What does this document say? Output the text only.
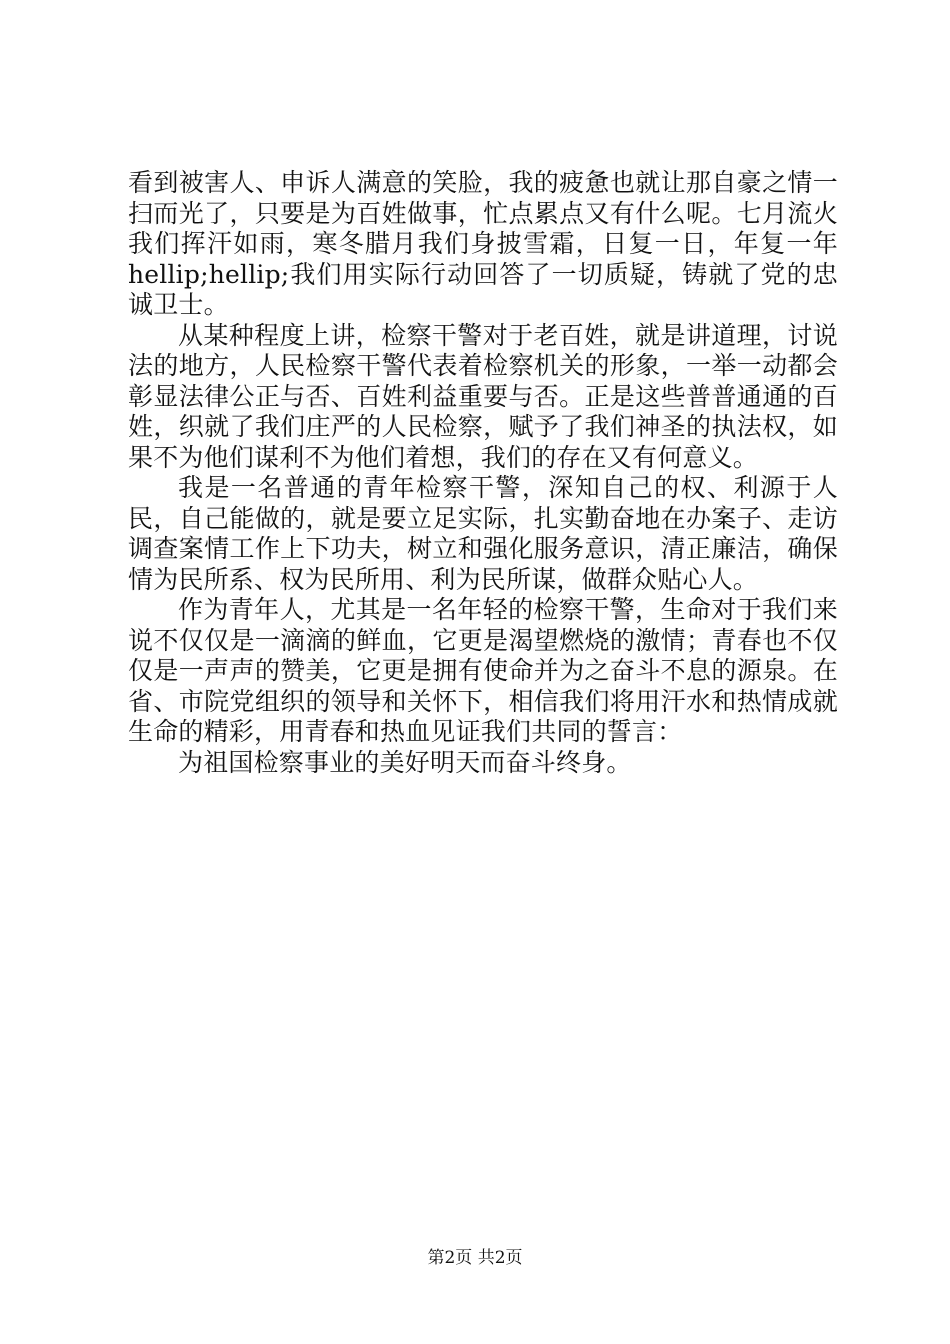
看到被害人、申诉人满意的笑脸，我的疲惫也就让那自豪之情一扫而光了，只要是为百姓做事，忙点累点又有什么呢。七月流火我们挥汗如雨，寒冬腊月我们身披雪霜，日复一日，年复一年hellip;hellip;我们用实际行动回答了一切质疑，铸就了党的忠诚卫士。

从某种程度上讲，检察干警对于老百姓，就是讲道理，讨说法的地方，人民检察干警代表着检察机关的形象，一举一动都会彰显法律公正与否、百姓利益重要与否。正是这些普普通通的百姓，织就了我们庄严的人民检察，赋予了我们神圣的执法权，如果不为他们谋利不为他们着想，我们的存在又有何意义。

我是一名普通的青年检察干警，深知自己的权、利源于人民，自己能做的，就是要立足实际，扎实勤奋地在办案子、走访调查案情工作上下功夫，树立和强化服务意识，清正廉洁，确保情为民所系、权为民所用、利为民所谋，做群众贴心人。

作为青年人，尤其是一名年轻的检察干警，生命对于我们来说不仅仅是一滴滴的鲜血，它更是渴望燃烧的激情；青春也不仅仅是一声声的赞美，它更是拥有使命并为之奋斗不息的源泉。在省、市院党组织的领导和关怀下，相信我们将用汗水和热情成就生命的精彩，用青春和热血见证我们共同的誓言：

为祖国检察事业的美好明天而奋斗终身。

第2页 共2页
